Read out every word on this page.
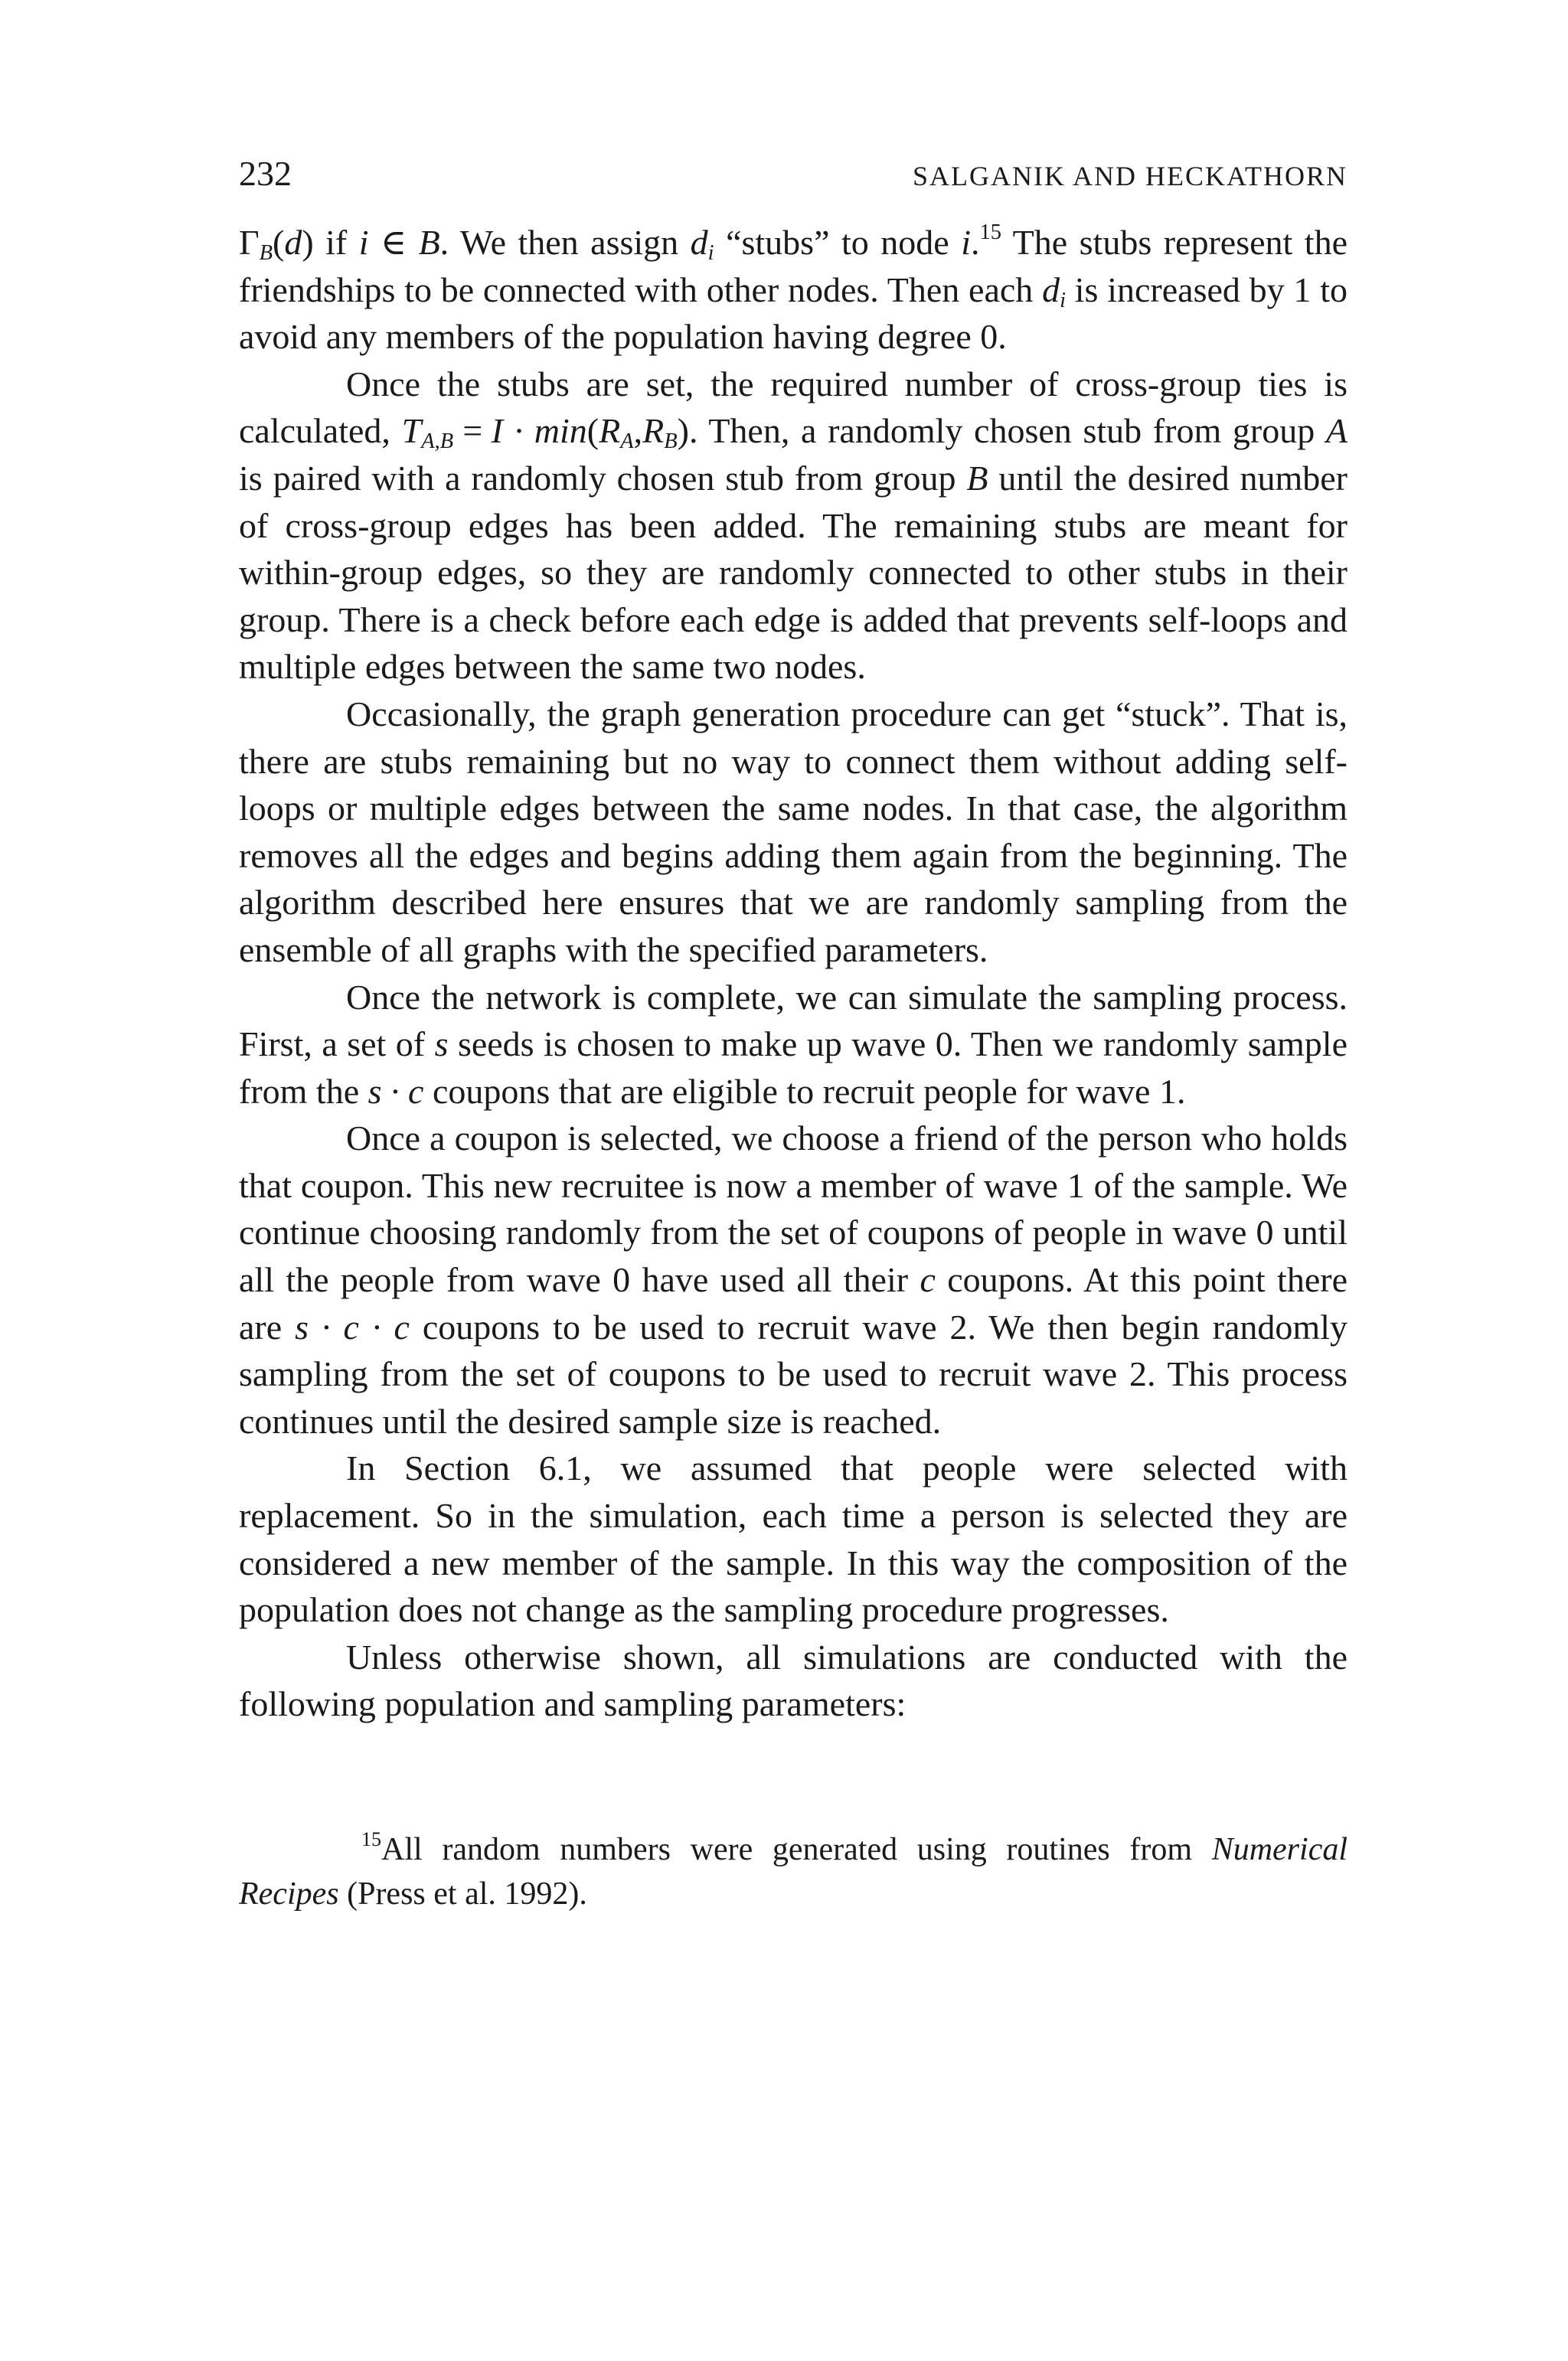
232	SALGANIK AND HECKATHORN

$\Gamma_B(d)$ if i ∈ B. We then assign $d_i$ “stubs” to node i.$^{15}$ The stubs represent the friendships to be connected with other nodes. Then each $d_i$ is increased by 1 to avoid any members of the population having degree 0.

Once the stubs are set, the required number of cross-group ties is calculated, $T_{A,B} = I \cdot \min(R_A,R_B)$. Then, a randomly chosen stub from group A is paired with a randomly chosen stub from group B until the desired number of cross-group edges has been added. The remaining stubs are meant for within-group edges, so they are randomly connected to other stubs in their group. There is a check before each edge is added that prevents self-loops and multiple edges between the same two nodes.

Occasionally, the graph generation procedure can get “stuck”. That is, there are stubs remaining but no way to connect them without adding self-loops or multiple edges between the same nodes. In that case, the algorithm removes all the edges and begins adding them again from the beginning. The algorithm described here ensures that we are randomly sampling from the ensemble of all graphs with the specified parameters.

Once the network is complete, we can simulate the sampling process. First, a set of s seeds is chosen to make up wave 0. Then we randomly sample from the s · c coupons that are eligible to recruit people for wave 1.

Once a coupon is selected, we choose a friend of the person who holds that coupon. This new recruitee is now a member of wave 1 of the sample. We continue choosing randomly from the set of coupons of people in wave 0 until all the people from wave 0 have used all their c coupons. At this point there are s · c · c coupons to be used to recruit wave 2. We then begin randomly sampling from the set of coupons to be used to recruit wave 2. This process continues until the desired sample size is reached.

In Section 6.1, we assumed that people were selected with replacement. So in the simulation, each time a person is selected they are considered a new member of the sample. In this way the composition of the population does not change as the sampling procedure progresses.

Unless otherwise shown, all simulations are conducted with the following population and sampling parameters:

$^{15}$All random numbers were generated using routines from Numerical Recipes (Press et al. 1992).
